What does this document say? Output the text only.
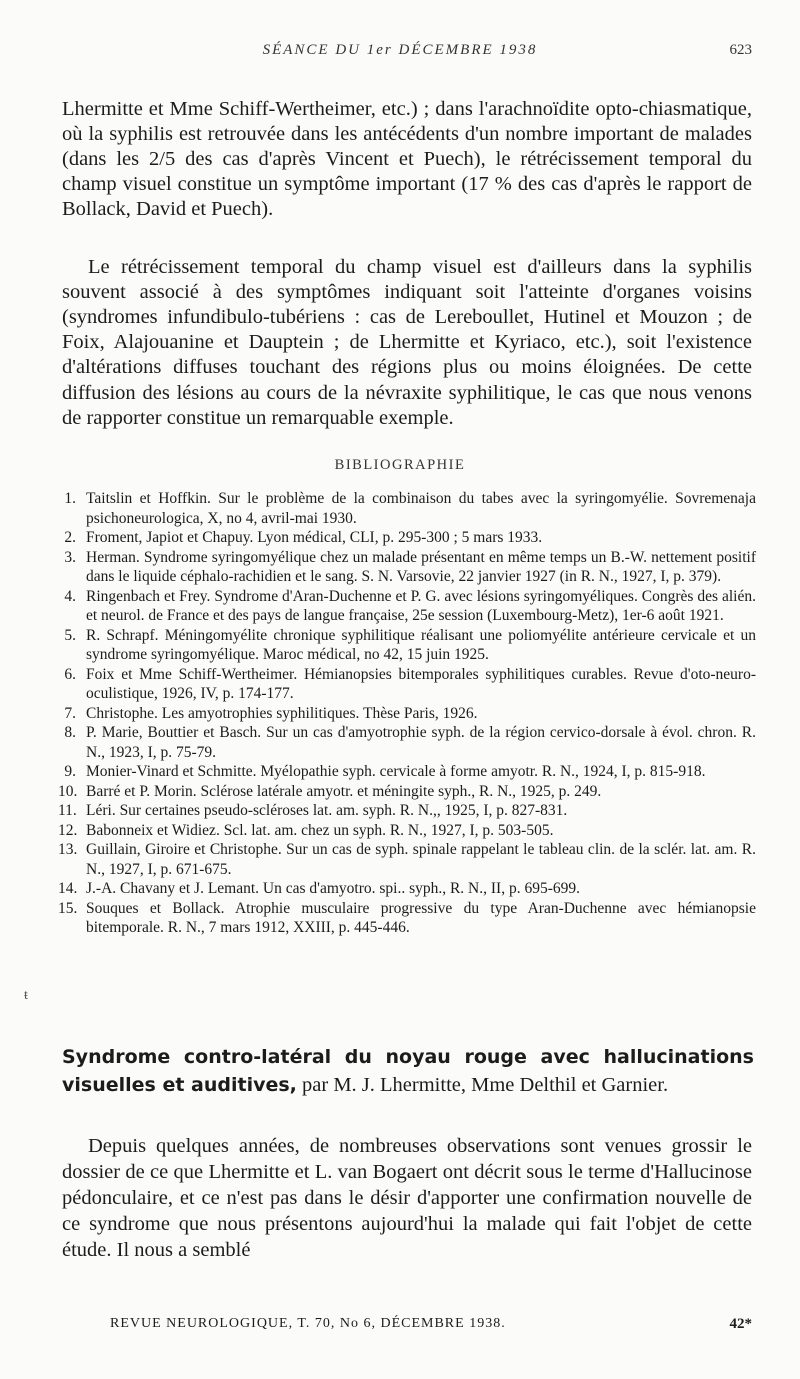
SÉANCE DU 1er DÉCEMBRE 1938	623

Lhermitte et Mme Schiff-Wertheimer, etc.) ; dans l'arachnoïdite opto-chiasmatique, où la syphilis est retrouvée dans les antécédents d'un nombre important de malades (dans les 2/5 des cas d'après Vincent et Puech), le rétrécissement temporal du champ visuel constitue un symptôme important (17 % des cas d'après le rapport de Bollack, David et Puech).

Le rétrécissement temporal du champ visuel est d'ailleurs dans la syphilis souvent associé à des symptômes indiquant soit l'atteinte d'organes voisins (syndromes infundibulo-tubériens : cas de Lereboullet, Hutinel et Mouzon ; de Foix, Alajouanine et Dauptein ; de Lhermitte et Kyriaco, etc.), soit l'existence d'altérations diffuses touchant des régions plus ou moins éloignées. De cette diffusion des lésions au cours de la névraxite syphilitique, le cas que nous venons de rapporter constitue un remarquable exemple.

BIBLIOGRAPHIE
1. Taitslin et Hoffkin. Sur le problème de la combinaison du tabes avec la syringomyélie. Sovremenaja psichoneurologica, X, no 4, avril-mai 1930.
2. Froment, Japiot et Chapuy. Lyon médical, CLI, p. 295-300 ; 5 mars 1933.
3. Herman. Syndrome syringomyélique chez un malade présentant en même temps un B.-W. nettement positif dans le liquide céphalo-rachidien et le sang. S. N. Varsovie, 22 janvier 1927 (in R. N., 1927, I, p. 379).
4. Ringenbach et Frey. Syndrome d'Aran-Duchenne et P. G. avec lésions syringomyéliques. Congrès des alién. et neurol. de France et des pays de langue française, 25e session (Luxembourg-Metz), 1er-6 août 1921.
5. R. Schrapf. Méningomyélite chronique syphilitique réalisant une poliomyélite antérieure cervicale et un syndrome syringomyélique. Maroc médical, no 42, 15 juin 1925.
6. Foix et Mme Schiff-Wertheimer. Hémianopsies bitemporales syphilitiques curables. Revue d'oto-neuro-oculistique, 1926, IV, p. 174-177.
7. Christophe. Les amyotrophies syphilitiques. Thèse Paris, 1926.
8. P. Marie, Bouttier et Basch. Sur un cas d'amyotrophie syph. de la région cervico-dorsale à évol. chron. R. N., 1923, I, p. 75-79.
9. Monier-Vinard et Schmitte. Myélopathie syph. cervicale à forme amyotr. R. N., 1924, I, p. 815-918.
10. Barré et P. Morin. Sclérose latérale amyotr. et méningite syph., R. N., 1925, p. 249.
11. Léri. Sur certaines pseudo-scléroses lat. am. syph. R. N.,, 1925, I, p. 827-831.
12. Babonneix et Widiez. Scl. lat. am. chez un syph. R. N., 1927, I, p. 503-505.
13. Guillain, Giroire et Christophe. Sur un cas de syph. spinale rappelant le tableau clin. de la sclér. lat. am. R. N., 1927, I, p. 671-675.
14. J.-A. Chavany et J. Lemant. Un cas d'amyotro. spi.. syph., R. N., II, p. 695-699.
15. Souques et Bollack. Atrophie musculaire progressive du type Aran-Duchenne avec hémianopsie bitemporale. R. N., 7 mars 1912, XXIII, p. 445-446.
ŧ
Syndrome contro-latéral du noyau rouge avec hallucinations visuelles et auditives, par M. J. Lhermitte, Mme Delthil et Garnier.

Depuis quelques années, de nombreuses observations sont venues grossir le dossier de ce que Lhermitte et L. van Bogaert ont décrit sous le terme d'Hallucinose pédonculaire, et ce n'est pas dans le désir d'apporter une confirmation nouvelle de ce syndrome que nous présentons aujourd'hui la malade qui fait l'objet de cette étude. Il nous a semblé

REVUE NEUROLOGIQUE, T. 70, No 6, DÉCEMBRE 1938.	42*
